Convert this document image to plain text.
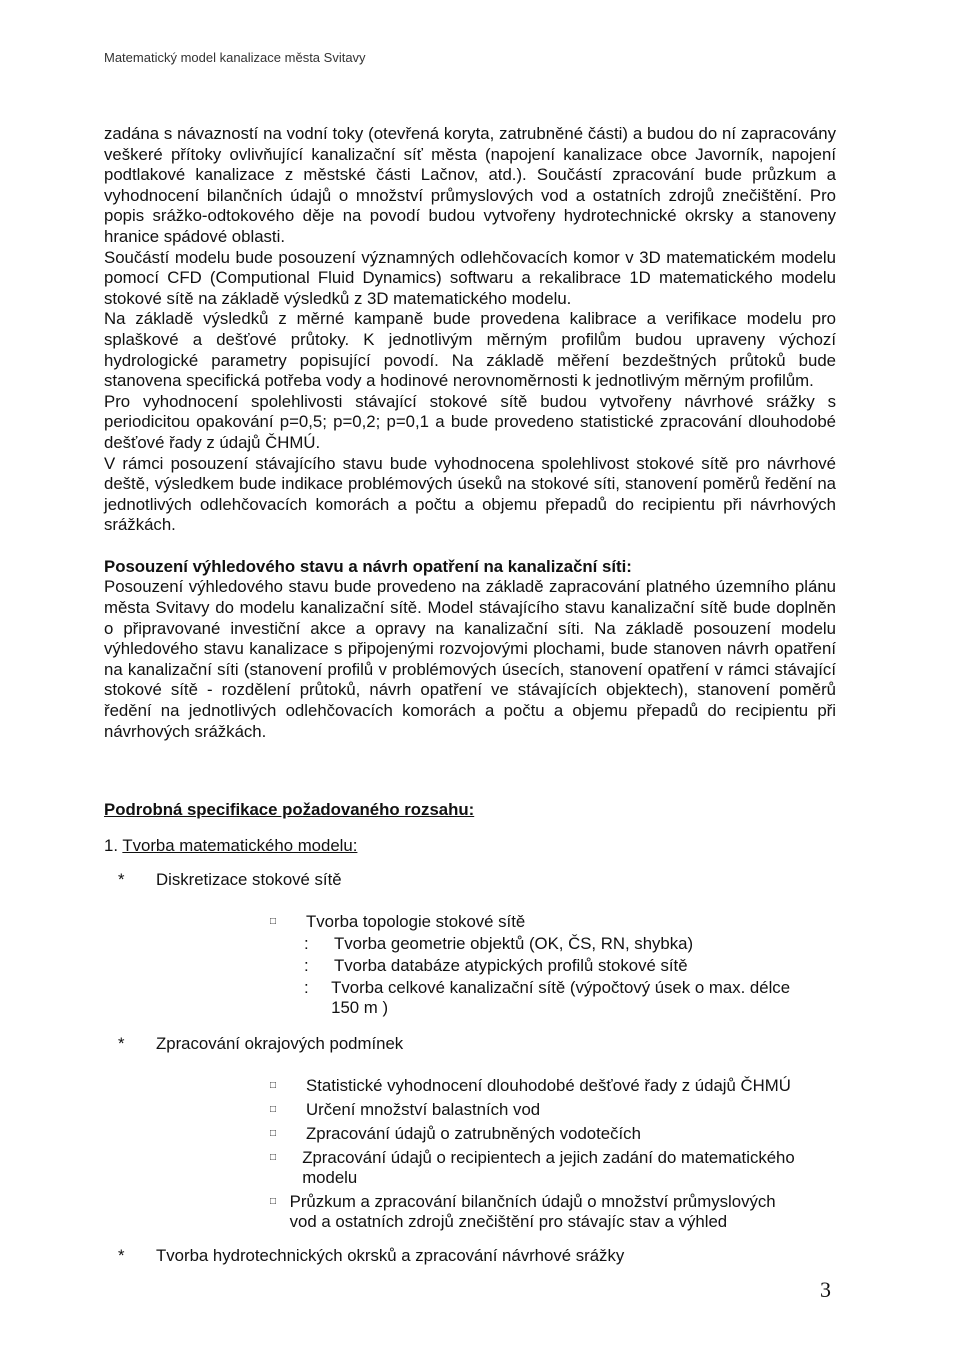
Matematický model kanalizace města Svitavy

zadána s návazností na vodní toky (otevřená koryta, zatrubněné části) a budou do ní zapracovány veškeré přítoky ovlivňující kanalizační síť města (napojení kanalizace obce Javorník, napojení podtlakové kanalizace z městské části Lačnov, atd.). Součástí zpracování bude průzkum a vyhodnocení bilančních údajů o množství průmyslových vod a ostatních zdrojů znečištění. Pro popis srážko-odtokového děje na povodí budou vytvořeny hydrotechnické okrsky a stanoveny hranice spádové oblasti.

Součástí modelu bude posouzení významných odlehčovacích komor v 3D matematickém modelu pomocí CFD (Computional Fluid Dynamics) softwaru a rekalibrace 1D matematického modelu stokové sítě na základě výsledků z 3D matematického modelu.

Na základě výsledků z měrné kampaně bude provedena kalibrace a verifikace modelu pro splaškové a dešťové průtoky. K jednotlivým měrným profilům budou upraveny výchozí hydrologické parametry popisující povodí. Na základě měření bezdeštných průtoků bude stanovena specifická potřeba vody a hodinové nerovnoměrnosti k jednotlivým měrným profilům.

Pro vyhodnocení spolehlivosti stávající stokové sítě budou vytvořeny návrhové srážky s periodicitou opakování p=0,5; p=0,2; p=0,1 a bude provedeno statistické zpracování dlouhodobé dešťové řady z údajů ČHMÚ.

V rámci posouzení stávajícího stavu bude vyhodnocena spolehlivost stokové sítě pro návrhové deště, výsledkem bude indikace problémových úseků na stokové síti, stanovení poměrů ředění na jednotlivých odlehčovacích komorách a počtu a objemu přepadů do recipientu při návrhových srážkách.

Posouzení výhledového stavu a návrh opatření na kanalizační síti:

Posouzení výhledového stavu bude provedeno na základě zapracování platného územního plánu města Svitavy do modelu kanalizační sítě. Model stávajícího stavu kanalizační sítě bude doplněn o připravované investiční akce a opravy na kanalizační síti. Na základě posouzení modelu výhledového stavu kanalizace s připojenými rozvojovými plochami, bude stanoven návrh opatření na kanalizační síti (stanovení profilů v problémových úsecích, stanovení opatření v rámci stávající stokové sítě - rozdělení průtoků, návrh opatření ve stávajících objektech), stanovení poměrů ředění na jednotlivých odlehčovacích komorách a počtu a objemu přepadů do recipientu při návrhových srážkách.

Podrobná specifikace požadovaného rozsahu:

1. Tvorba matematického modelu:

*	Diskretizace stokové sítě
□	Tvorba topologie stokové sítě
:	Tvorba geometrie objektů (OK, ČS, RN, shybka)
:	Tvorba databáze atypických profilů stokové sítě
:	Tvorba celkové kanalizační sítě (výpočtový úsek o max. délce 150 m )
*	Zpracování okrajových podmínek
□	Statistické vyhodnocení dlouhodobé dešťové řady z údajů ČHMÚ
□	Určení množství balastních vod
□	Zpracování údajů o zatrubněných vodotečích
□	Zpracování údajů o recipientech a jejich zadání do matematického modelu
□ Průzkum a zpracování bilančních údajů o množství průmyslových vod a ostatních zdrojů znečištění pro stávajíc stav a výhled
*	Tvorba hydrotechnických okrsků a zpracování návrhové srážky
3
